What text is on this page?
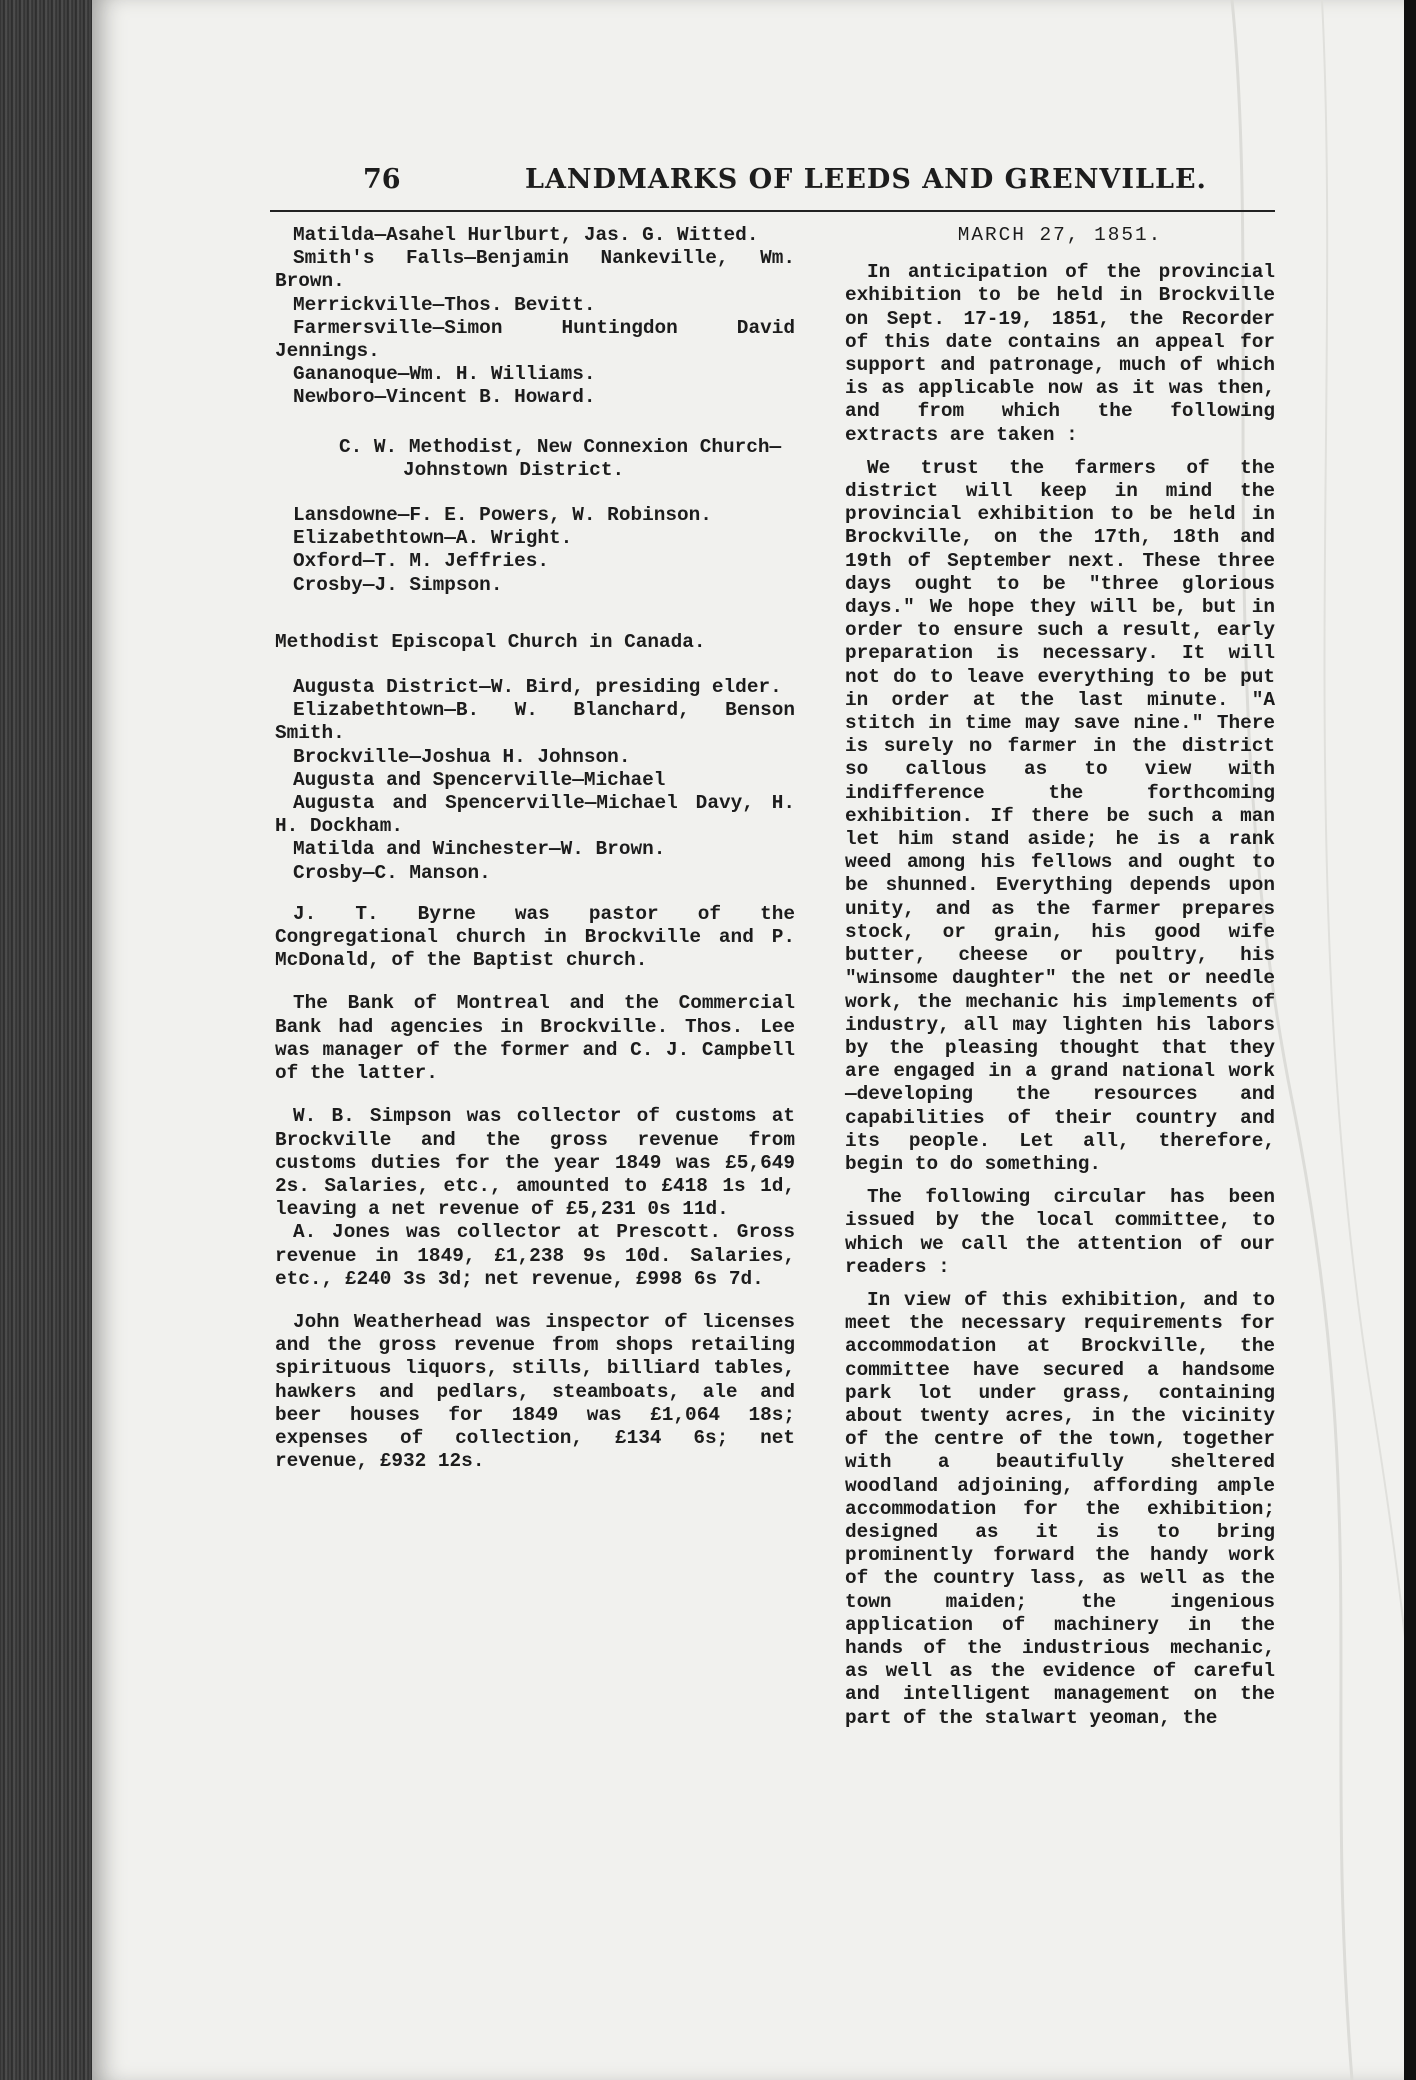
76	LANDMARKS OF LEEDS AND GRENVILLE.

Matilda—Asahel Hurlburt, Jas. G. Witted.

Smith's Falls—Benjamin Nankeville, Wm. Brown.

Merrickville—Thos. Bevitt.

Farmersville—Simon Huntingdon David Jennings.

Gananoque—Wm. H. Williams.

Newboro—Vincent B. Howard.

C. W. Methodist, New Connexion Church—Johnstown District.

Lansdowne—F. E. Powers, W. Robinson.

Elizabethtown—A. Wright.

Oxford—T. M. Jeffries.

Crosby—J. Simpson.

Methodist Episcopal Church in Canada.

Augusta District—W. Bird, presiding elder.

Elizabethtown—B. W. Blanchard, Benson Smith.

Brockville—Joshua H. Johnson.

Augusta and Spencerville—Michael

Augusta and Spencerville—Michael Davy, H. H. Dockham.

Matilda and Winchester—W. Brown.

Crosby—C. Manson.

J. T. Byrne was pastor of the Congregational church in Brockville and P. McDonald, of the Baptist church.

The Bank of Montreal and the Commercial Bank had agencies in Brockville. Thos. Lee was manager of the former and C. J. Campbell of the latter.

W. B. Simpson was collector of customs at Brockville and the gross revenue from customs duties for the year 1849 was £5,649 2s. Salaries, etc., amounted to £418 1s 1d, leaving a net revenue of £5,231 0s 11d.

A. Jones was collector at Prescott. Gross revenue in 1849, £1,238 9s 10d. Salaries, etc., £240 3s 3d; net revenue, £998 6s 7d.

John Weatherhead was inspector of licenses and the gross revenue from shops retailing spirituous liquors, stills, billiard tables, hawkers and pedlars, steamboats, ale and beer houses for 1849 was £1,064 18s; expenses of collection, £134 6s; net revenue, £932 12s.

MARCH 27, 1851.

In anticipation of the provincial exhibition to be held in Brockville on Sept. 17-19, 1851, the Recorder of this date contains an appeal for support and patronage, much of which is as applicable now as it was then, and from which the following extracts are taken :

We trust the farmers of the district will keep in mind the provincial exhibition to be held in Brockville, on the 17th, 18th and 19th of September next. These three days ought to be "three glorious days." We hope they will be, but in order to ensure such a result, early preparation is necessary. It will not do to leave everything to be put in order at the last minute. "A stitch in time may save nine." There is surely no farmer in the district so callous as to view with indifference the forthcoming exhibition. If there be such a man let him stand aside; he is a rank weed among his fellows and ought to be shunned. Everything depends upon unity, and as the farmer prepares stock, or grain, his good wife butter, cheese or poultry, his "winsome daughter" the net or needle work, the mechanic his implements of industry, all may lighten his labors by the pleasing thought that they are engaged in a grand national work—developing the resources and capabilities of their country and its people. Let all, therefore, begin to do something.

The following circular has been issued by the local committee, to which we call the attention of our readers :

In view of this exhibition, and to meet the necessary requirements for accommodation at Brockville, the committee have secured a handsome park lot under grass, containing about twenty acres, in the vicinity of the centre of the town, together with a beautifully sheltered woodland adjoining, affording ample accommodation for the exhibition; designed as it is to bring prominently forward the handy work of the country lass, as well as the town maiden; the ingenious application of machinery in the hands of the industrious mechanic, as well as the evidence of careful and intelligent management on the part of the stalwart yeoman, the
